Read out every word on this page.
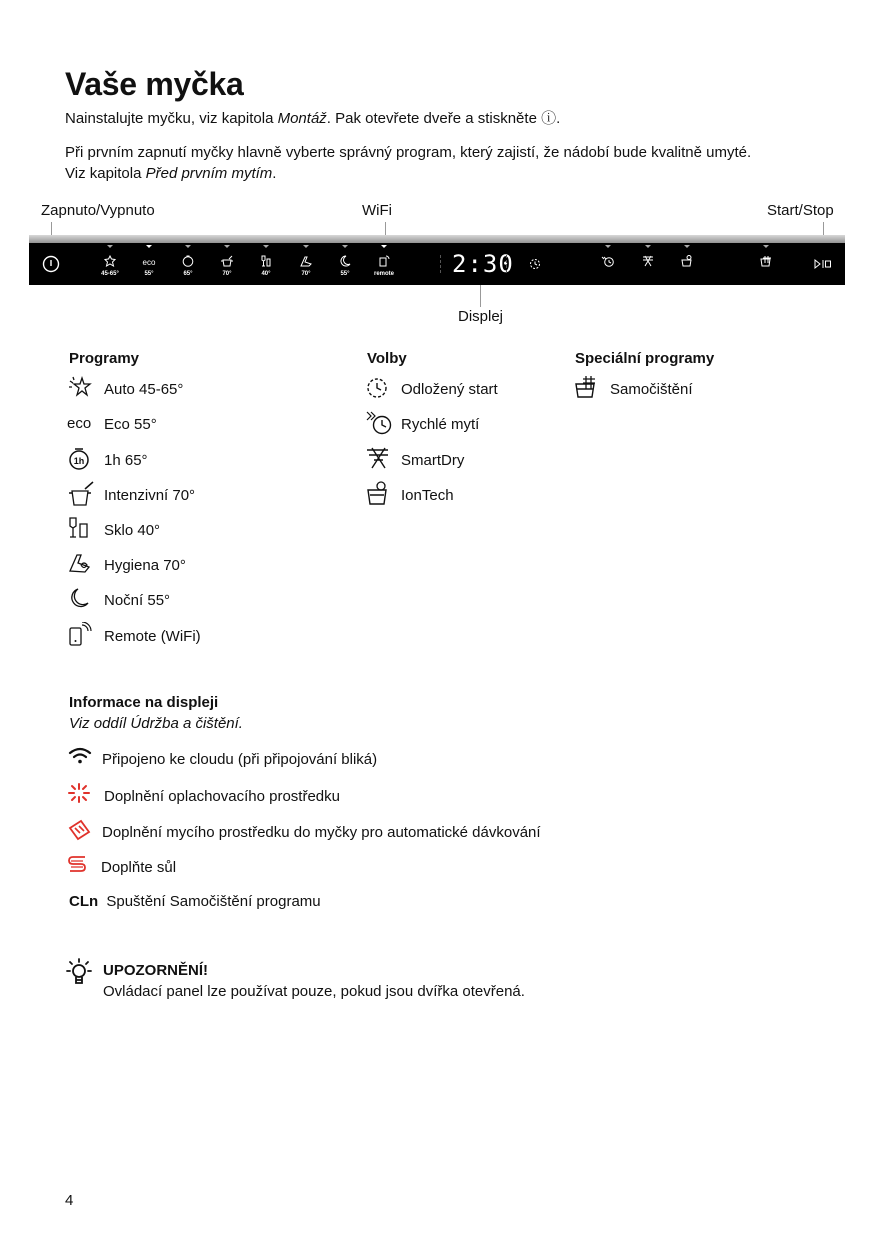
Vaše myčka
Nainstalujte myčku, viz kapitola Montáž. Pak otevřete dveře a stiskněte ⓘ.
Při prvním zapnutí myčky hlavně vyberte správný program, který zajistí, že nádobí bude kvalitně umyté.
Viz kapitola Před prvním mytím.
Zapnuto/Vypnuto	WiFi	Start/Stop
Displej
45-65°
eco
55°	65°	70°	40°	70°	55°	remote 2:30
Programy
Auto 45-65°
eco Eco 55°
1h 1h 65°
Intenzivní 70°
Sklo 40°
Hygiena 70°
Noční 55°
Remote (WiFi)
Volby
Odložený start
Rychlé mytí
SmartDry
IonTech
Speciální programy
Samočištění
Informace na displeji
Viz oddíl Údržba a čištění.
Připojeno ke cloudu (při připojování bliká)
Doplnění oplachovacího prostředku
Doplnění mycího prostředku do myčky pro automatické dávkování
Doplňte sůl
CLn Spuštění Samočištění programu
UPOZORNĚNÍ!
Ovládací panel lze používat pouze, pokud jsou dvířka otevřená.
4
